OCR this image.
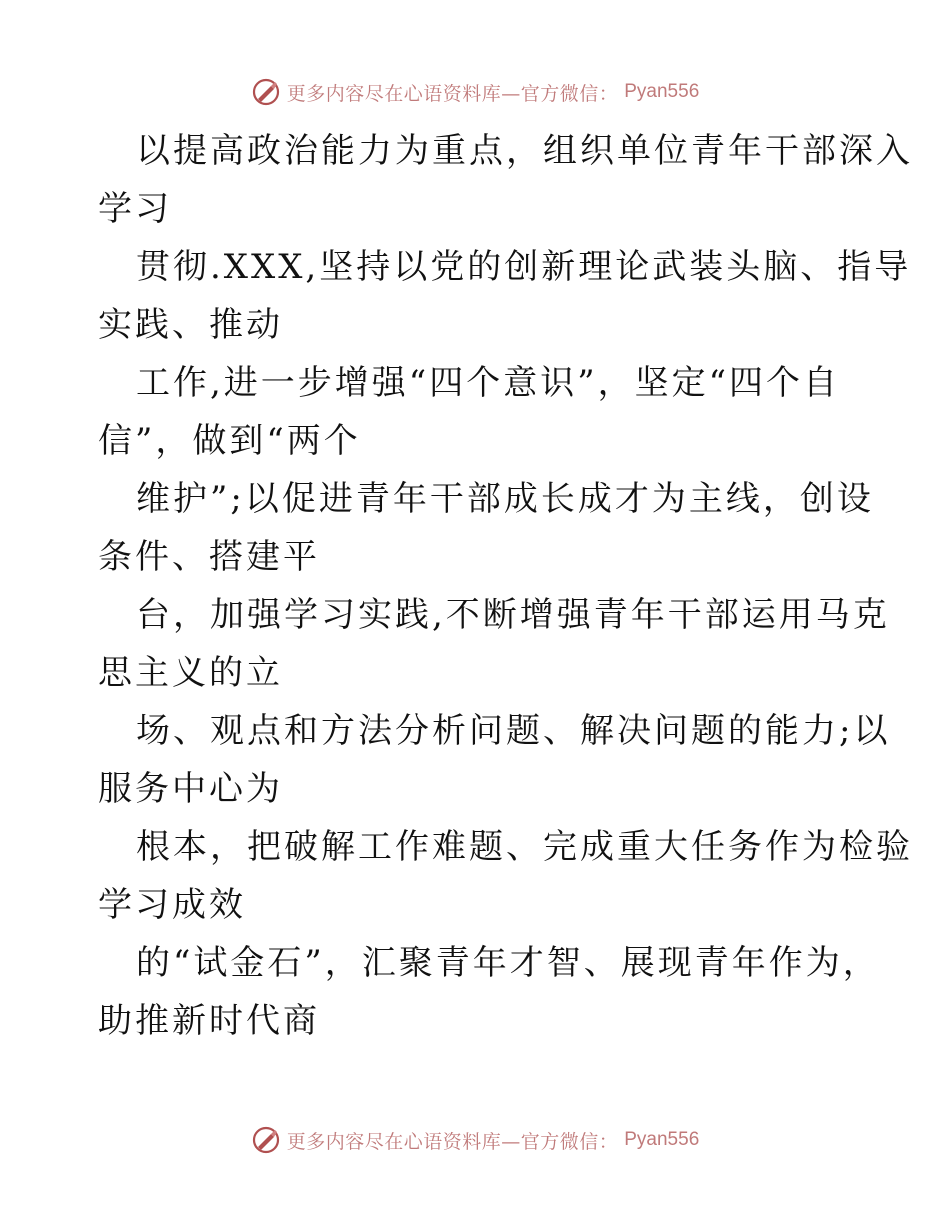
更多内容尽在心语资料库—官方微信： Pyan556
以提高政治能力为重点，组织单位青年干部深入
学习
贯彻.XXX,坚持以党的创新理论武装头脑、指导
实践、推动
工作,进一步增强“四个意识”，坚定“四个自
信”，做到“两个
维护”;以促进青年干部成长成才为主线，创设
条件、搭建平
台，加强学习实践,不断增强青年干部运用马克
思主义的立
场、观点和方法分析问题、解决问题的能力;以
服务中心为
根本，把破解工作难题、完成重大任务作为检验
学习成效
的“试金石”，汇聚青年才智、展现青年作为，
助推新时代商
更多内容尽在心语资料库—官方微信： Pyan556
